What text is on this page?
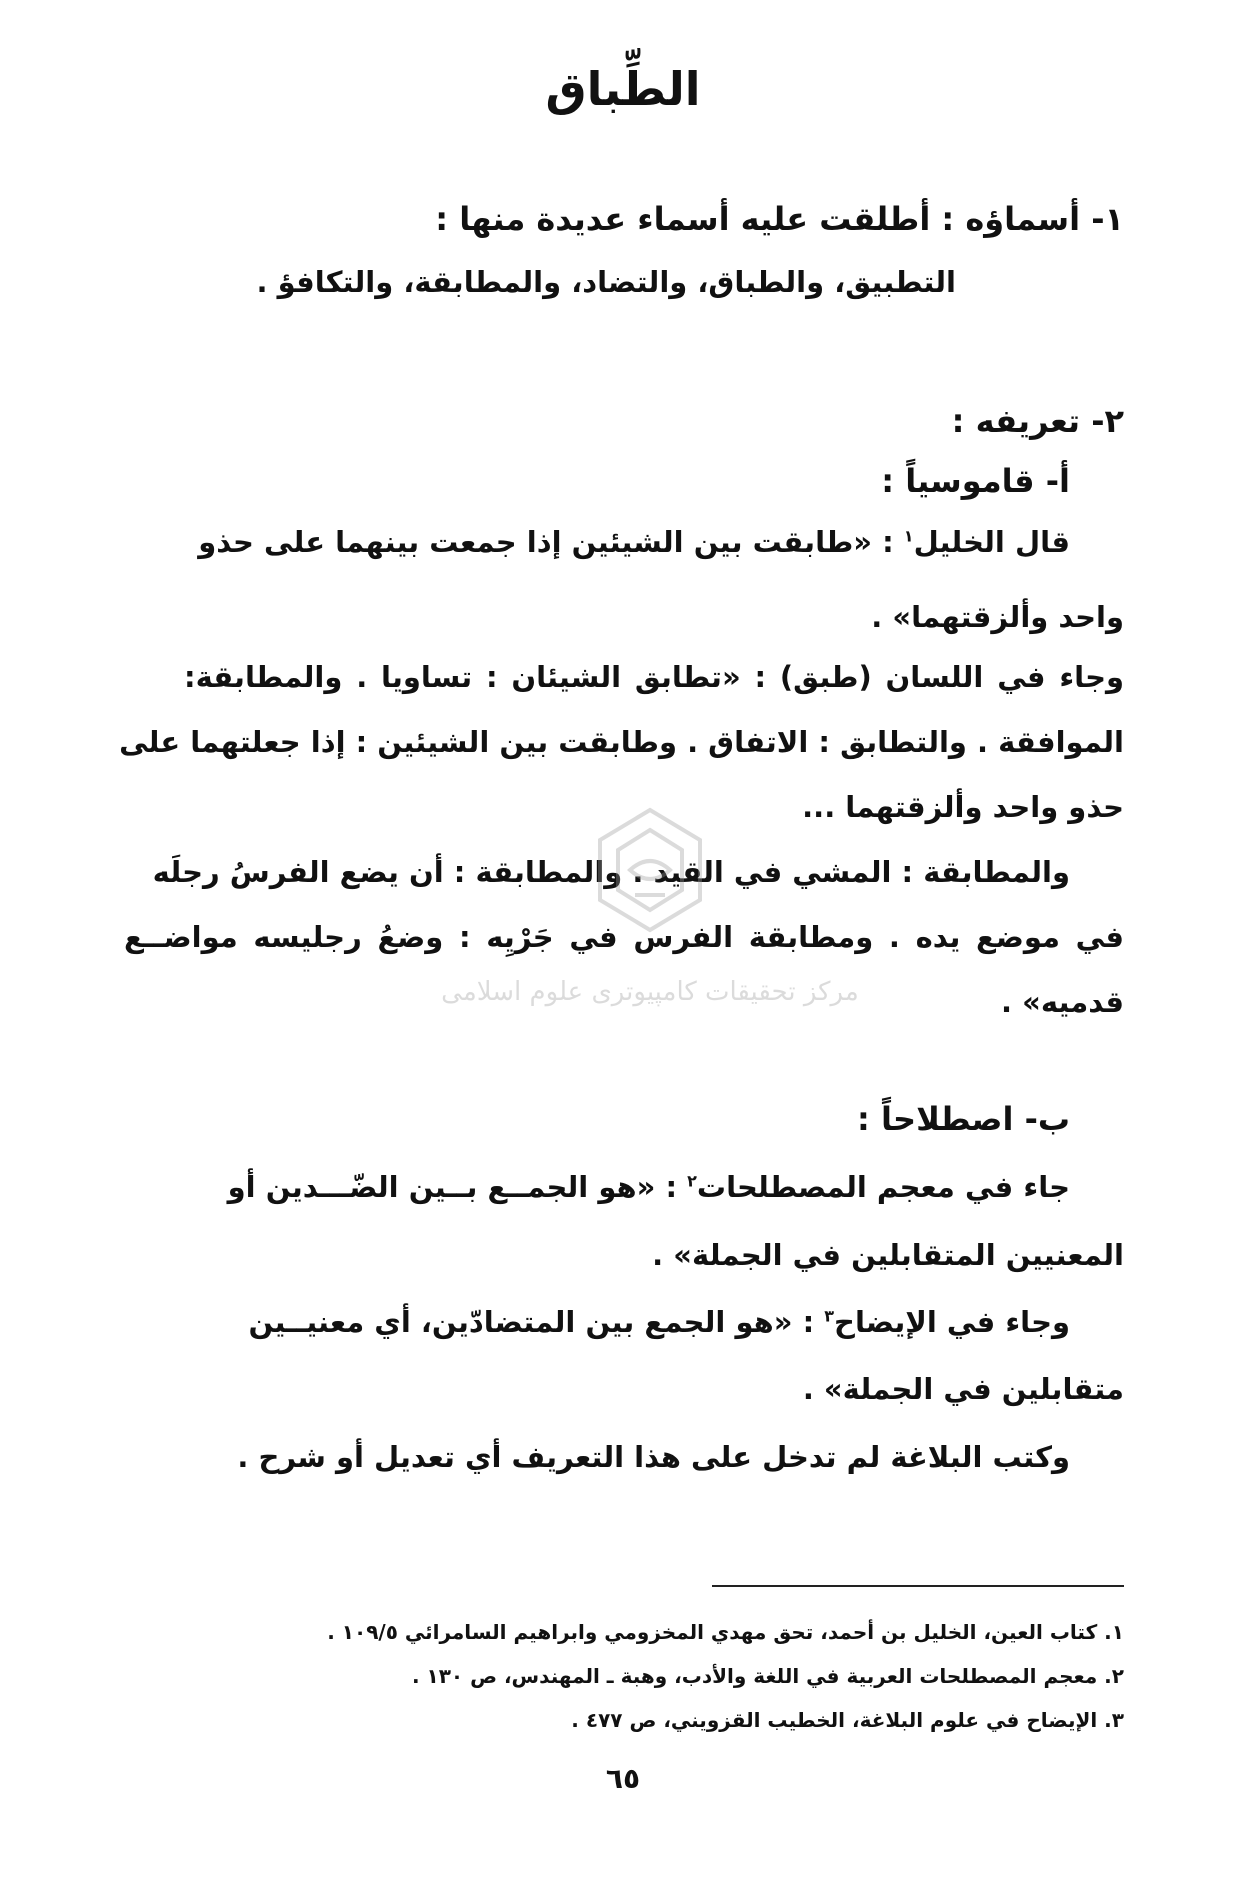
الطِّباق
١- أسماؤه : أطلقت عليه أسماء عديدة منها :
التطبيق، والطباق، والتضاد، والمطابقة، والتكافؤ .
٢- تعريفه :
أ- قاموسياً :
قال الخليل$^١$ : «طابقت بين الشيئين إذا جمعت بينهما على حذو
واحد وألزقتهما» .
وجاء في اللسان (طبق) : «تطابق الشيئان : تساويا . والمطابقة:
الموافقة . والتطابق : الاتفاق . وطابقت بين الشيئين : إذا جعلتهما على
حذو واحد وألزقتهما ...
والمطابقة : المشي في القيد . والمطابقة : أن يضع الفرسُ رجلَه
في موضع يده . ومطابقة الفرس في جَرْيِه : وضعُ رجليسه مواضــع
قدميه» .
ب- اصطلاحاً :
جاء في معجم المصطلحات$^٢$ : «هو الجمــع بــين الضّـــدين أو
المعنيين المتقابلين في الجملة» .
وجاء في الإيضاح$^٣$ : «هو الجمع بين المتضادّين، أي معنيــين
متقابلين في الجملة» .
وكتب البلاغة لم تدخل على هذا التعريف أي تعديل أو شرح .
١. كتاب العين، الخليل بن أحمد، تحق مهدي المخزومي وابراهيم السامرائي ١٠٩/٥ .
٢. معجم المصطلحات العربية في اللغة والأدب، وهبة ـ المهندس، ص ١٣٠ .
٣. الإيضاح في علوم البلاغة، الخطيب القزويني، ص ٤٧٧ .
٦٥
مرکز تحقیقات کامپیوتری علوم اسلامی
